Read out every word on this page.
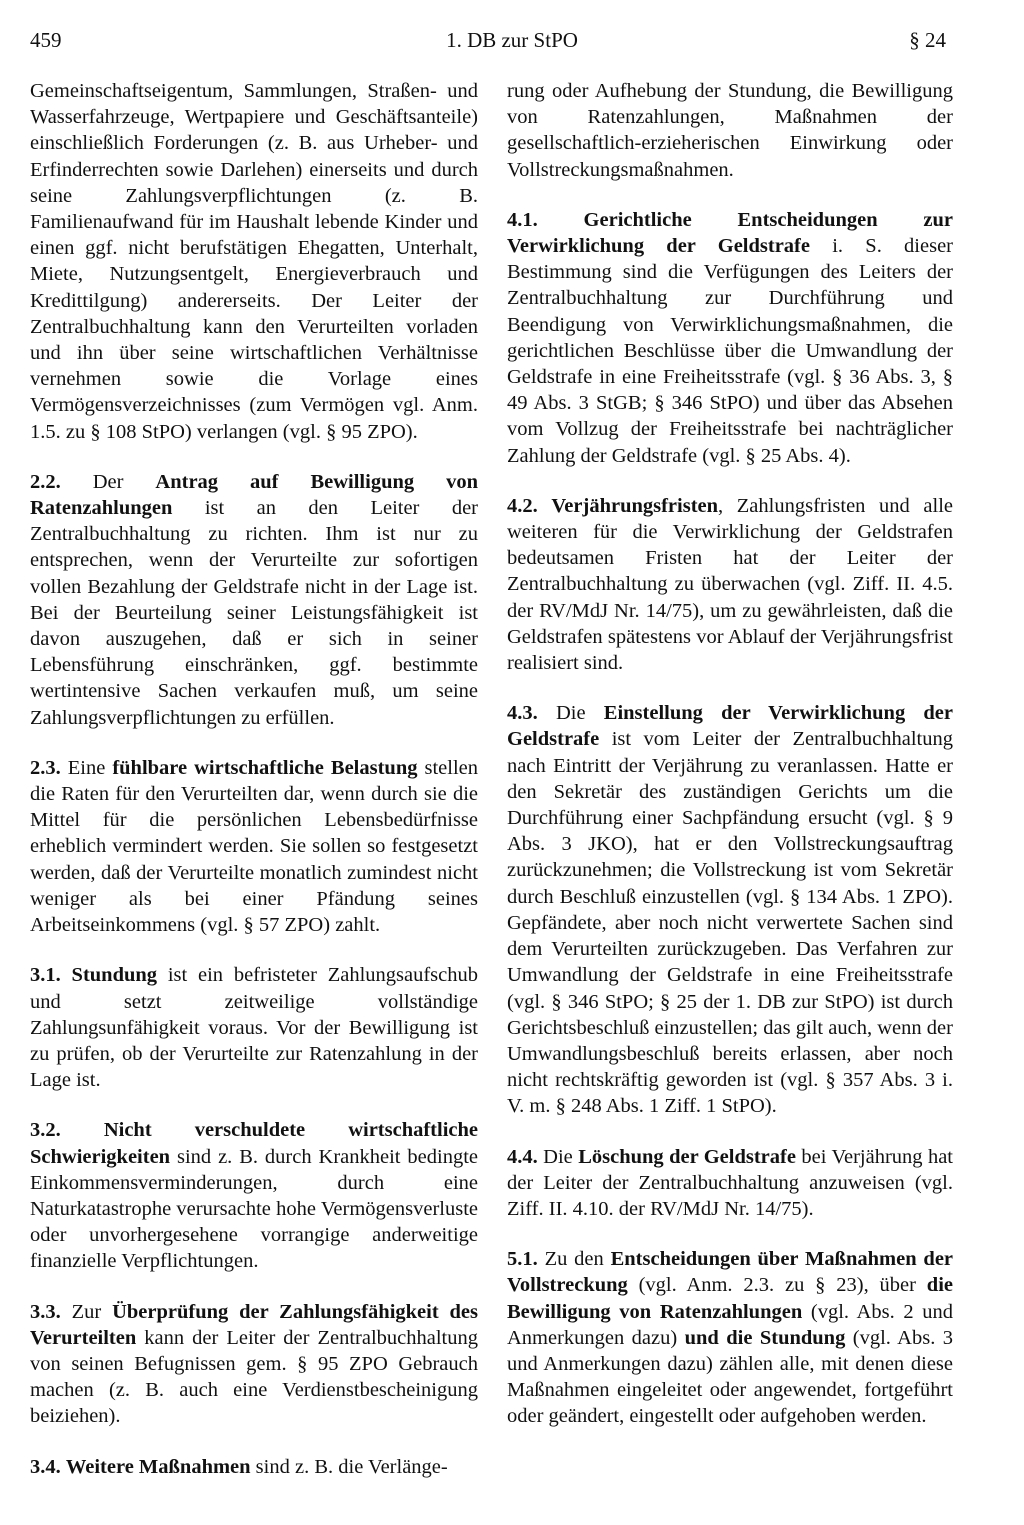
459	1. DB zur StPO	§ 24

Gemeinschaftseigentum, Sammlungen, Straßen- und Wasserfahrzeuge, Wertpapiere und Geschäftsanteile) einschließlich Forderungen (z. B. aus Urheber- und Erfinderrechten sowie Darlehen) einerseits und durch seine Zahlungsverpflichtungen (z. B. Familienaufwand für im Haushalt lebende Kinder und einen ggf. nicht berufstätigen Ehegatten, Unterhalt, Miete, Nutzungsentgelt, Energieverbrauch und Kredittilgung) andererseits. Der Leiter der Zentralbuchhaltung kann den Verurteilten vorladen und ihn über seine wirtschaftlichen Verhältnisse vernehmen sowie die Vorlage eines Vermögensverzeichnisses (zum Vermögen vgl. Anm. 1.5. zu § 108 StPO) verlangen (vgl. § 95 ZPO).

2.2. Der Antrag auf Bewilligung von Ratenzahlungen ist an den Leiter der Zentralbuchhaltung zu richten. Ihm ist nur zu entsprechen, wenn der Verurteilte zur sofortigen vollen Bezahlung der Geldstrafe nicht in der Lage ist. Bei der Beurteilung seiner Leistungsfähigkeit ist davon auszugehen, daß er sich in seiner Lebensführung einschränken, ggf. bestimmte wertintensive Sachen verkaufen muß, um seine Zahlungsverpflichtungen zu erfüllen.

2.3. Eine fühlbare wirtschaftliche Belastung stellen die Raten für den Verurteilten dar, wenn durch sie die Mittel für die persönlichen Lebensbedürfnisse erheblich vermindert werden. Sie sollen so festgesetzt werden, daß der Verurteilte monatlich zumindest nicht weniger als bei einer Pfändung seines Arbeitseinkommens (vgl. § 57 ZPO) zahlt.

3.1. Stundung ist ein befristeter Zahlungsaufschub und setzt zeitweilige vollständige Zahlungsunfähigkeit voraus. Vor der Bewilligung ist zu prüfen, ob der Verurteilte zur Ratenzahlung in der Lage ist.

3.2. Nicht verschuldete wirtschaftliche Schwierigkeiten sind z. B. durch Krankheit bedingte Einkommensverminderungen, durch eine Naturkatastrophe verursachte hohe Vermögensverluste oder unvorhergesehene vorrangige anderweitige finanzielle Verpflichtungen.

3.3. Zur Überprüfung der Zahlungsfähigkeit des Verurteilten kann der Leiter der Zentralbuchhaltung von seinen Befugnissen gem. § 95 ZPO Gebrauch machen (z. B. auch eine Verdienstbescheinigung beiziehen).

3.4. Weitere Maßnahmen sind z. B. die Verlänge-

rung oder Aufhebung der Stundung, die Bewilligung von Ratenzahlungen, Maßnahmen der gesellschaftlich-erzieherischen Einwirkung oder Vollstreckungsmaßnahmen.

4.1. Gerichtliche Entscheidungen zur Verwirklichung der Geldstrafe i. S. dieser Bestimmung sind die Verfügungen des Leiters der Zentralbuchhaltung zur Durchführung und Beendigung von Verwirklichungsmaßnahmen, die gerichtlichen Beschlüsse über die Umwandlung der Geldstrafe in eine Freiheitsstrafe (vgl. § 36 Abs. 3, § 49 Abs. 3 StGB; § 346 StPO) und über das Absehen vom Vollzug der Freiheitsstrafe bei nachträglicher Zahlung der Geldstrafe (vgl. § 25 Abs. 4).

4.2. Verjährungsfristen, Zahlungsfristen und alle weiteren für die Verwirklichung der Geldstrafen bedeutsamen Fristen hat der Leiter der Zentralbuchhaltung zu überwachen (vgl. Ziff. II. 4.5. der RV/MdJ Nr. 14/75), um zu gewährleisten, daß die Geldstrafen spätestens vor Ablauf der Verjährungsfrist realisiert sind.

4.3. Die Einstellung der Verwirklichung der Geldstrafe ist vom Leiter der Zentralbuchhaltung nach Eintritt der Verjährung zu veranlassen. Hatte er den Sekretär des zuständigen Gerichts um die Durchführung einer Sachpfändung ersucht (vgl. § 9 Abs. 3 JKO), hat er den Vollstreckungsauftrag zurückzunehmen; die Vollstreckung ist vom Sekretär durch Beschluß einzustellen (vgl. § 134 Abs. 1 ZPO). Gepfändete, aber noch nicht verwertete Sachen sind dem Verurteilten zurückzugeben. Das Verfahren zur Umwandlung der Geldstrafe in eine Freiheitsstrafe (vgl. § 346 StPO; § 25 der 1. DB zur StPO) ist durch Gerichtsbeschluß einzustellen; das gilt auch, wenn der Umwandlungsbeschluß bereits erlassen, aber noch nicht rechtskräftig geworden ist (vgl. § 357 Abs. 3 i. V. m. § 248 Abs. 1 Ziff. 1 StPO).

4.4. Die Löschung der Geldstrafe bei Verjährung hat der Leiter der Zentralbuchhaltung anzuweisen (vgl. Ziff. II. 4.10. der RV/MdJ Nr. 14/75).

5.1. Zu den Entscheidungen über Maßnahmen der Vollstreckung (vgl. Anm. 2.3. zu § 23), über die Bewilligung von Ratenzahlungen (vgl. Abs. 2 und Anmerkungen dazu) und die Stundung (vgl. Abs. 3 und Anmerkungen dazu) zählen alle, mit denen diese Maßnahmen eingeleitet oder angewendet, fortgeführt oder geändert, eingestellt oder aufgehoben werden.
